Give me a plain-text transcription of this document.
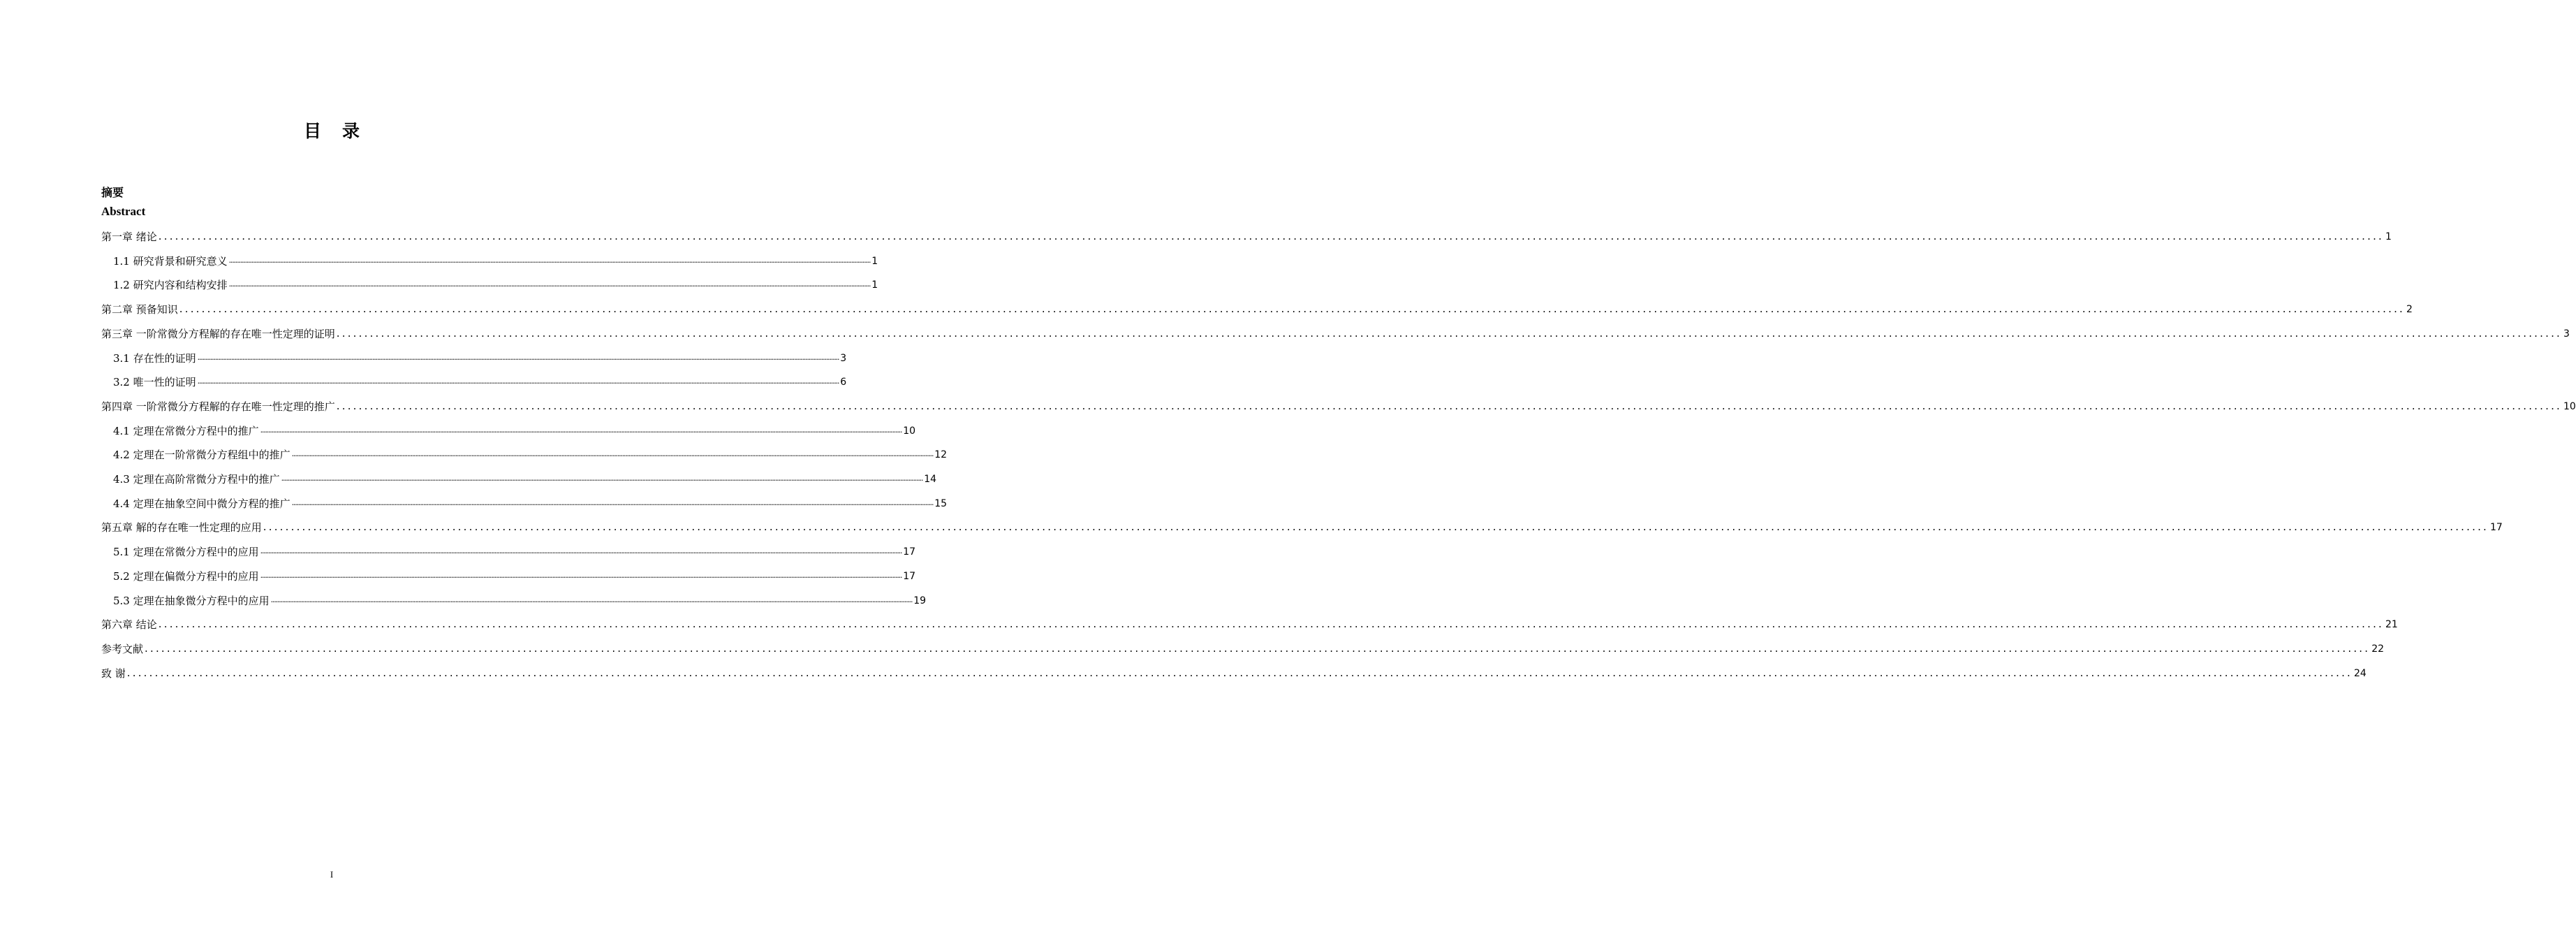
目 录
摘要
Abstract
第一章 绪论 ................................................................................................................................................................................................................................................................................................................................................................................................................ 1
1.1 研究背景和研究意义 ................................................................................................................................................................................................................................................................................................................................................................................................................ 1
1.2 研究内容和结构安排 ................................................................................................................................................................................................................................................................................................................................................................................................................ 1
第二章 预备知识 ................................................................................................................................................................................................................................................................................................................................................................................................................ 2
第三章 一阶常微分方程解的存在唯一性定理的证明 ................................................................................................................................................................................................................................................................................................................................................................................................................ 3
3.1 存在性的证明 ................................................................................................................................................................................................................................................................................................................................................................................................................ 3
3.2 唯一性的证明 ................................................................................................................................................................................................................................................................................................................................................................................................................ 6
第四章 一阶常微分方程解的存在唯一性定理的推广 ................................................................................................................................................................................................................................................................................................................................................................................................................ 10
4.1 定理在常微分方程中的推广 ................................................................................................................................................................................................................................................................................................................................................................................................................ 10
4.2 定理在一阶常微分方程组中的推广 ................................................................................................................................................................................................................................................................................................................................................................................................................ 12
4.3 定理在高阶常微分方程中的推广 ................................................................................................................................................................................................................................................................................................................................................................................................................ 14
4.4 定理在抽象空间中微分方程的推广 ................................................................................................................................................................................................................................................................................................................................................................................................................ 15
第五章 解的存在唯一性定理的应用 ................................................................................................................................................................................................................................................................................................................................................................................................................ 17
5.1 定理在常微分方程中的应用 ................................................................................................................................................................................................................................................................................................................................................................................................................ 17
5.2 定理在偏微分方程中的应用 ................................................................................................................................................................................................................................................................................................................................................................................................................ 17
5.3 定理在抽象微分方程中的应用 ................................................................................................................................................................................................................................................................................................................................................................................................................ 19
第六章 结论 ................................................................................................................................................................................................................................................................................................................................................................................................................ 21
参考文献 ................................................................................................................................................................................................................................................................................................................................................................................................................ 22
致 谢 ................................................................................................................................................................................................................................................................................................................................................................................................................ 24
I
